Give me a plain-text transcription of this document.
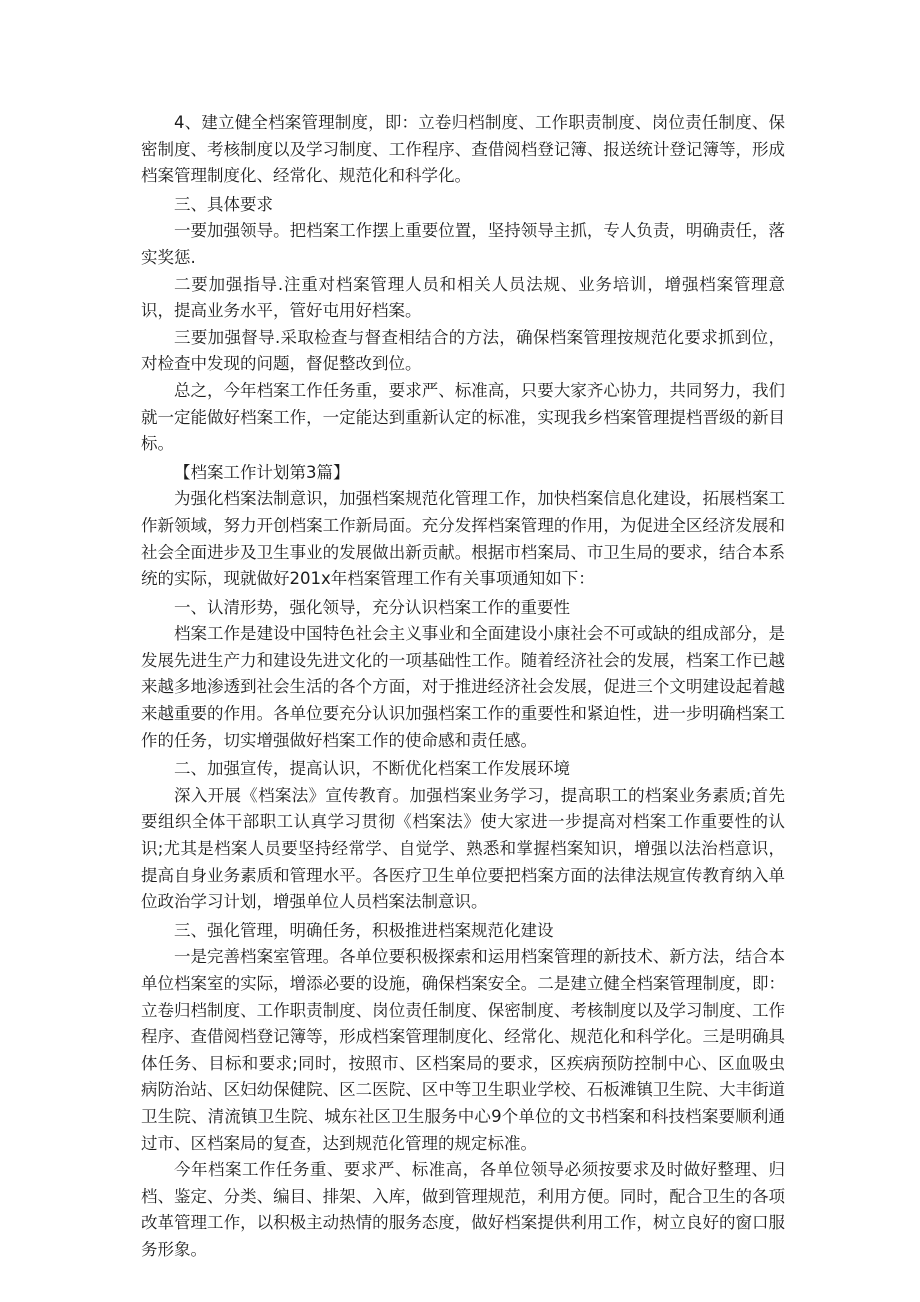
4、建立健全档案管理制度，即：立卷归档制度、工作职责制度、岗位责任制度、保密制度、考核制度以及学习制度、工作程序、查借阅档登记簿、报送统计登记簿等，形成档案管理制度化、经常化、规范化和科学化。

三、具体要求

一要加强领导。把档案工作摆上重要位置，坚持领导主抓，专人负责，明确责任，落实奖惩.

二要加强指导.注重对档案管理人员和相关人员法规、业务培训，增强档案管理意识，提高业务水平，管好屯用好档案。

三要加强督导.采取检查与督查相结合的方法，确保档案管理按规范化要求抓到位，对检查中发现的问题，督促整改到位。

总之，今年档案工作任务重，要求严、标准高，只要大家齐心协力，共同努力，我们就一定能做好档案工作，一定能达到重新认定的标准，实现我乡档案管理提档晋级的新目标。

【档案工作计划第3篇】

为强化档案法制意识，加强档案规范化管理工作，加快档案信息化建设，拓展档案工作新领域，努力开创档案工作新局面。充分发挥档案管理的作用，为促进全区经济发展和社会全面进步及卫生事业的发展做出新贡献。根据市档案局、市卫生局的要求，结合本系统的实际，现就做好201x年档案管理工作有关事项通知如下：

一、认清形势，强化领导，充分认识档案工作的重要性

档案工作是建设中国特色社会主义事业和全面建设小康社会不可或缺的组成部分，是发展先进生产力和建设先进文化的一项基础性工作。随着经济社会的发展，档案工作已越来越多地渗透到社会生活的各个方面，对于推进经济社会发展，促进三个文明建设起着越来越重要的作用。各单位要充分认识加强档案工作的重要性和紧迫性，进一步明确档案工作的任务，切实增强做好档案工作的使命感和责任感。

二、加强宣传，提高认识，不断优化档案工作发展环境

深入开展《档案法》宣传教育。加强档案业务学习，提高职工的档案业务素质;首先要组织全体干部职工认真学习贯彻《档案法》使大家进一步提高对档案工作重要性的认识;尤其是档案人员要坚持经常学、自觉学、熟悉和掌握档案知识，增强以法治档意识，提高自身业务素质和管理水平。各医疗卫生单位要把档案方面的法律法规宣传教育纳入单位政治学习计划，增强单位人员档案法制意识。

三、强化管理，明确任务，积极推进档案规范化建设

一是完善档案室管理。各单位要积极探索和运用档案管理的新技术、新方法，结合本单位档案室的实际，增添必要的设施，确保档案安全。二是建立健全档案管理制度，即：立卷归档制度、工作职责制度、岗位责任制度、保密制度、考核制度以及学习制度、工作程序、查借阅档登记簿等，形成档案管理制度化、经常化、规范化和科学化。三是明确具体任务、目标和要求;同时，按照市、区档案局的要求，区疾病预防控制中心、区血吸虫病防治站、区妇幼保健院、区二医院、区中等卫生职业学校、石板滩镇卫生院、大丰街道卫生院、清流镇卫生院、城东社区卫生服务中心9个单位的文书档案和科技档案要顺利通过市、区档案局的复查，达到规范化管理的规定标准。

今年档案工作任务重、要求严、标准高，各单位领导必须按要求及时做好整理、归档、鉴定、分类、编目、排架、入库，做到管理规范，利用方便。同时，配合卫生的各项改革管理工作，以积极主动热情的服务态度，做好档案提供利用工作，树立良好的窗口服务形象。
